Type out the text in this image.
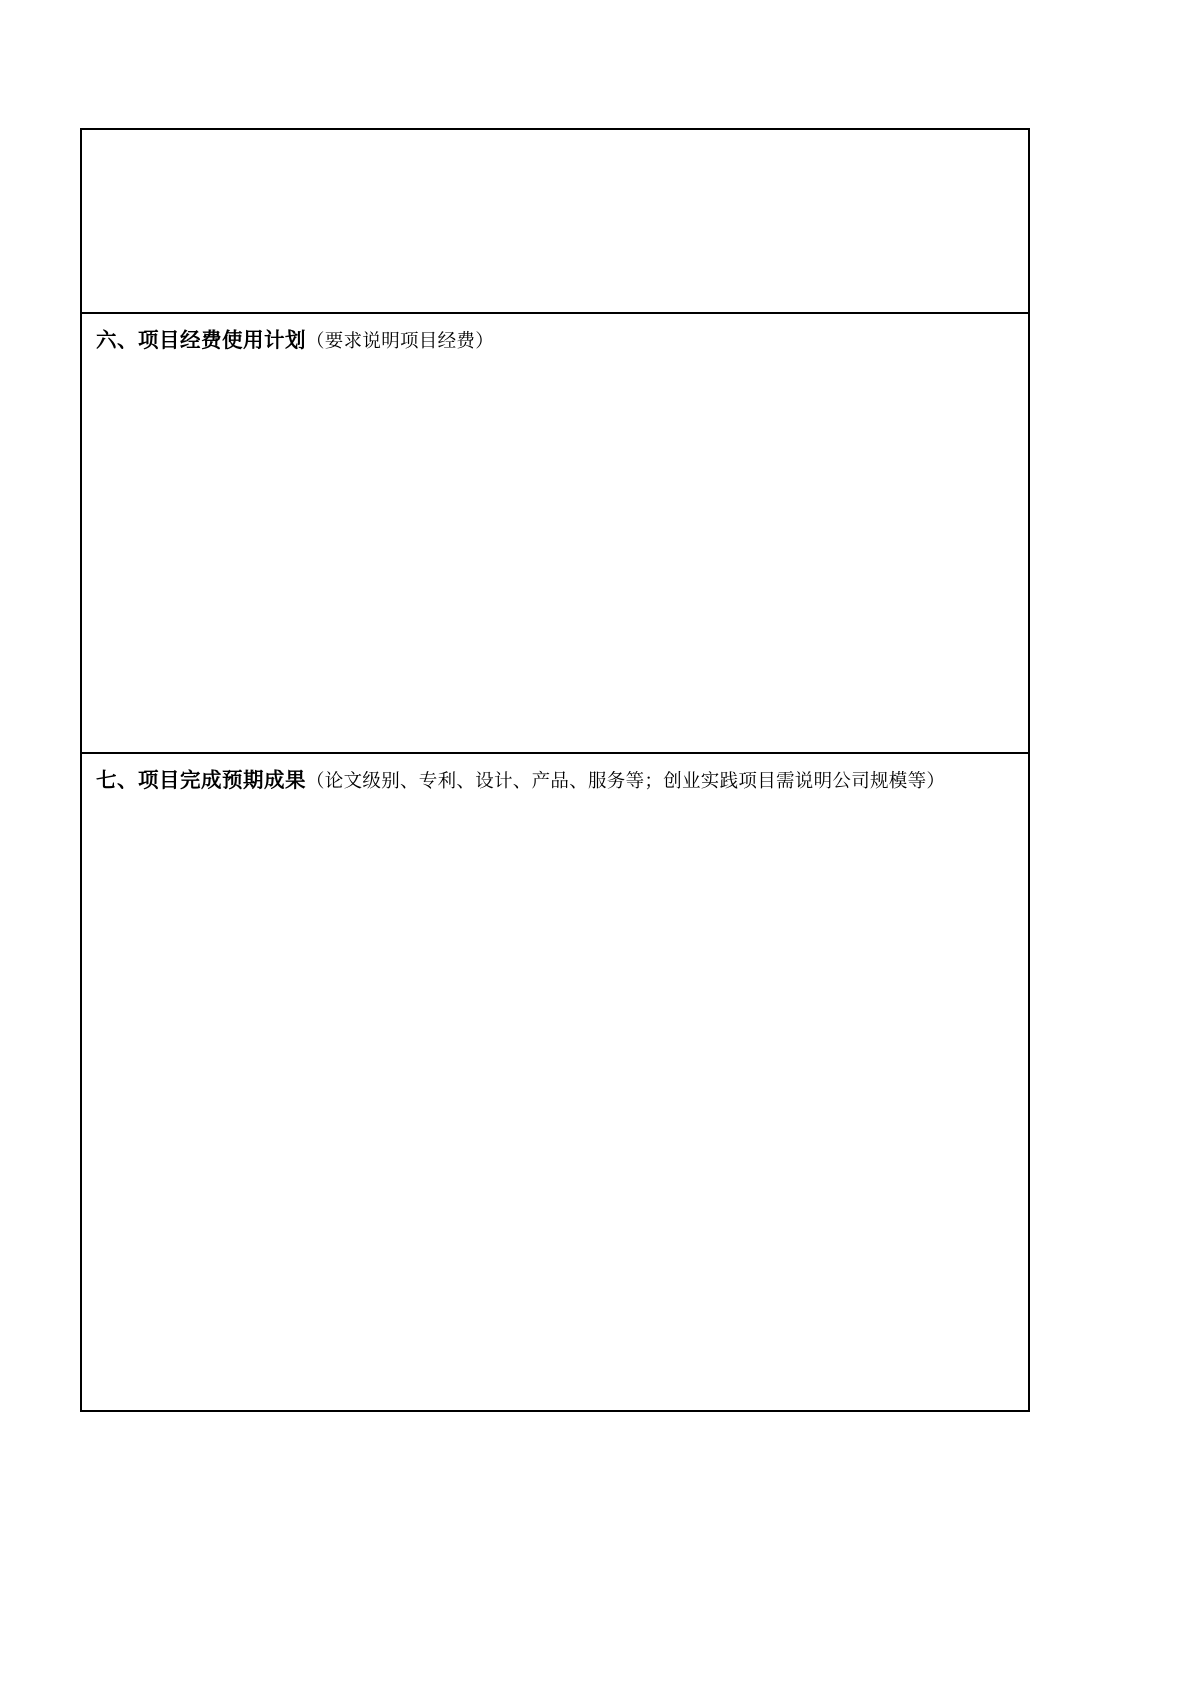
六、项目经费使用计划（要求说明项目经费）
七、项目完成预期成果（论文级别、专利、设计、产品、服务等；创业实践项目需说明公司规模等）
